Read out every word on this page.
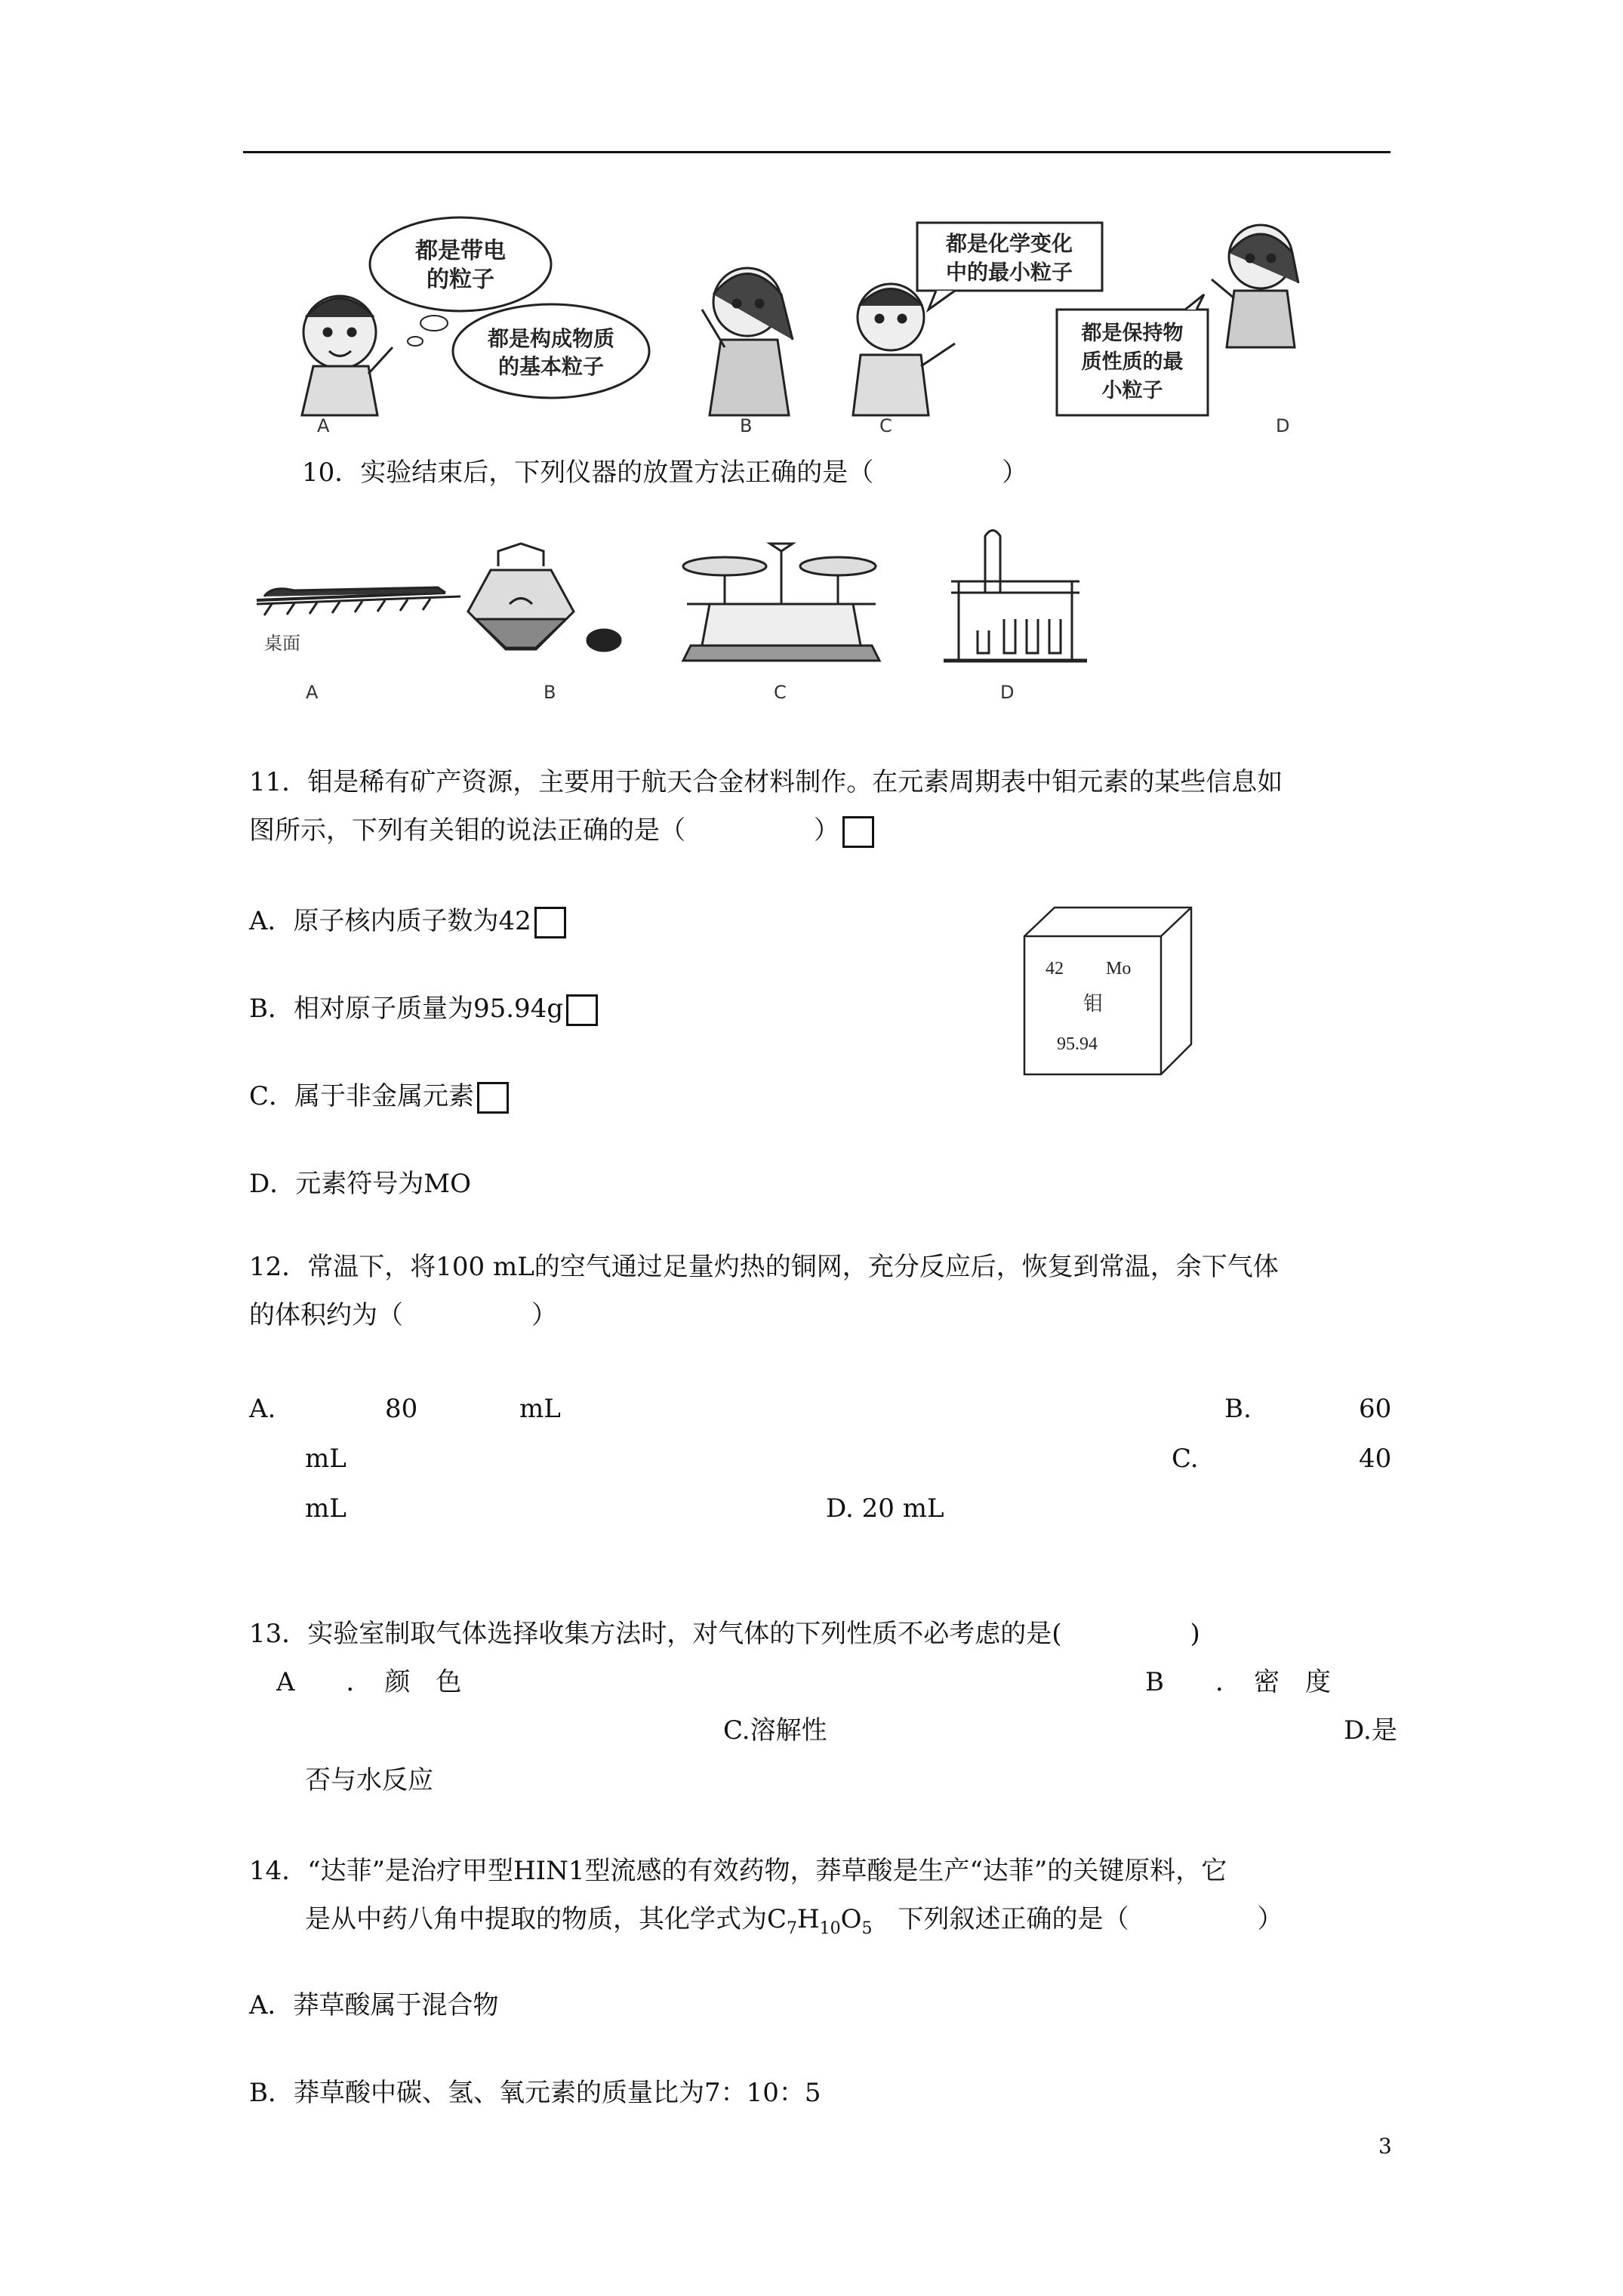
都是带电
的粒子
都是构成物质
的基本粒子
都是化学变化
中的最小粒子
都是保持物
质性质的最
小粒子
A	B	C	D
10．实验结束后，下列仪器的放置方法正确的是（　　　　　）
桌面
A	B	C	D
11．钼是稀有矿产资源，主要用于航天合金材料制作。在元素周期表中钼元素的某些信息如
图所示，下列有关钼的说法正确的是（　　　　　）
A．原子核内质子数为42
B．相对原子质量为95.94g
C．属于非金属元素
D．元素符号为MO
42 Mo
钼
95.94
12．常温下，将100 mL的空气通过足量灼热的铜网，充分反应后，恢复到常温，余下气体
的体积约为（　　　　　）
A.	80	mL	B.	60
mL	C.	40
mL	D. 20 mL
13．实验室制取气体选择收集方法时，对气体的下列性质不必考虑的是(　　　　　)
A　　．　颜　色	B　　．　密　度
C.溶解性	D.是
否与水反应
14．“达菲”是治疗甲型HIN1型流感的有效药物，莽草酸是生产“达菲”的关键原料，它
是从中药八角中提取的物质，其化学式为$C_7H_{10}O_5$　下列叙述正确的是（　　　　　）
A．莽草酸属于混合物
B．莽草酸中碳、氢、氧元素的质量比为7：10：5
3
